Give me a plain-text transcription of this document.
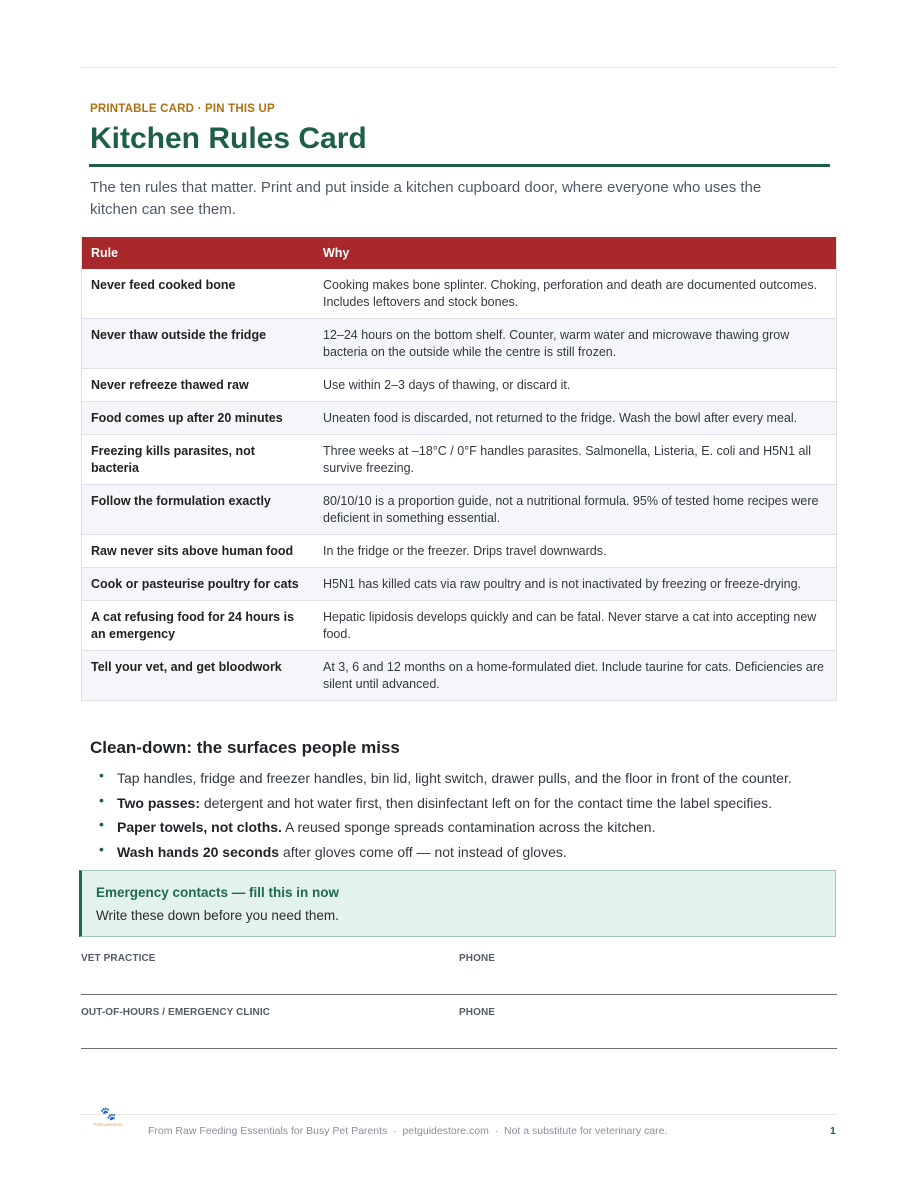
PRINTABLE CARD · PIN THIS UP
Kitchen Rules Card

The ten rules that matter. Print and put inside a kitchen cupboard door, where everyone who uses the kitchen can see them.

Rule	Why
Never feed cooked bone	Cooking makes bone splinter. Choking, perforation and death are documented outcomes. Includes leftovers and stock bones.
Never thaw outside the fridge	12–24 hours on the bottom shelf. Counter, warm water and microwave thawing grow bacteria on the outside while the centre is still frozen.
Never refreeze thawed raw	Use within 2–3 days of thawing, or discard it.
Food comes up after 20 minutes	Uneaten food is discarded, not returned to the fridge. Wash the bowl after every meal.
Freezing kills parasites, not bacteria	Three weeks at –18°C / 0°F handles parasites. Salmonella, Listeria, E. coli and H5N1 all survive freezing.
Follow the formulation exactly	80/10/10 is a proportion guide, not a nutritional formula. 95% of tested home recipes were deficient in something essential.
Raw never sits above human food	In the fridge or the freezer. Drips travel downwards.
Cook or pasteurise poultry for cats	H5N1 has killed cats via raw poultry and is not inactivated by freezing or freeze-drying.
A cat refusing food for 24 hours is an emergency	Hepatic lipidosis develops quickly and can be fatal. Never starve a cat into accepting new food.
Tell your vet, and get bloodwork	At 3, 6 and 12 months on a home-formulated diet. Include taurine for cats. Deficiencies are silent until advanced.
Clean-down: the surfaces people miss
• Tap handles, fridge and freezer handles, bin lid, light switch, drawer pulls, and the floor in front of the counter.
• Two passes: detergent and hot water first, then disinfectant left on for the contact time the label specifies.
• Paper towels, not cloths. A reused sponge spreads contamination across the kitchen.
• Wash hands 20 seconds after gloves come off — not instead of gloves.
Emergency contacts — fill this in now
Write these down before you need them.
VET PRACTICE	PHONE
OUT-OF-HOURS / EMERGENCY CLINIC	PHONE
🐾
PetGuideStore
From Raw Feeding Essentials for Busy Pet Parents  ·  petguidestore.com  ·  Not a substitute for veterinary care.	1
